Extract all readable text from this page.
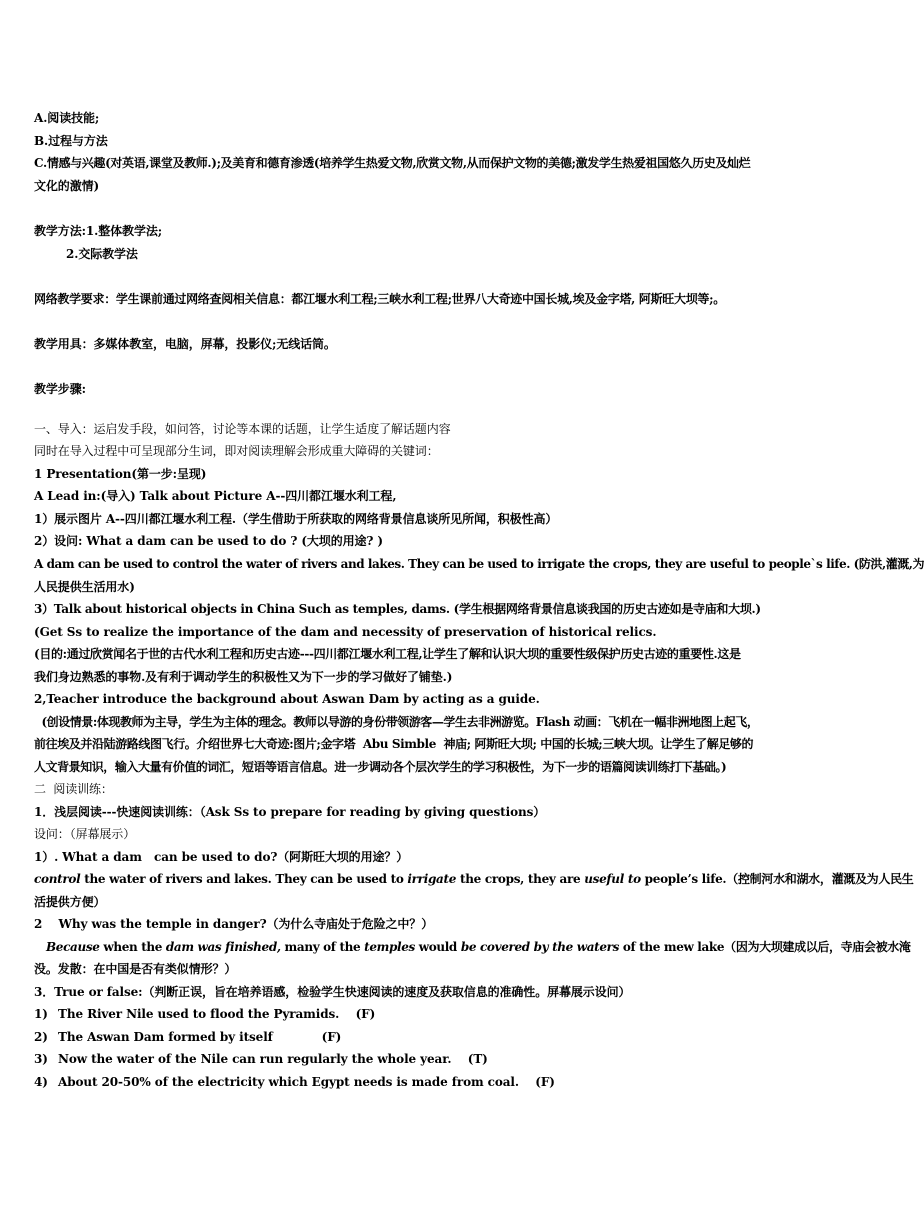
A.阅读技能;
B.过程与方法
C.情感与兴趣(对英语,课堂及教师.);及美育和德育渗透(培养学生热爱文物,欣赏文物,从而保护文物的美德;激发学生热爱祖国悠久历史及灿烂
文化的激情)
教学方法:1.整体教学法;
2.交际教学法
网络教学要求：学生课前通过网络查阅相关信息：都江堰水利工程;三峡水利工程;世界八大奇迹中国长城,埃及金字塔, 阿斯旺大坝等;。
教学用具：多媒体教室，电脑，屏幕，投影仪;无线话筒。
教学步骤:
一、导入：运启发手段，如问答，讨论等本课的话题，让学生适度了解话题内容
同时在导入过程中可呈现部分生词，即对阅读理解会形成重大障碍的关键词：
1 Presentation(第一步:呈现)
A Lead in:(导入) Talk about Picture A--四川都江堰水利工程,
1）展示图片 A--四川都江堰水利工程.（学生借助于所获取的网络背景信息谈所见所闻，积极性高）
2）设问: What a dam can be used to do ? (大坝的用途? )
A dam can be used to control the water of rivers and lakes. They can be used to irrigate the crops, they are useful to people`s life. (防洪,灌溉,为
人民提供生活用水)
3）Talk about historical objects in China Such as temples, dams. (学生根据网络背景信息谈我国的历史古迹如是寺庙和大坝.)
(Get Ss to realize the importance of the dam and necessity of preservation of historical relics.
(目的:通过欣赏闻名于世的古代水利工程和历史古迹---四川都江堰水利工程,让学生了解和认识大坝的重要性级保护历史古迹的重要性.这是
我们身边熟悉的事物.及有利于调动学生的积极性又为下一步的学习做好了铺垫.)
2,Teacher introduce the background about Aswan Dam by acting as a guide.
(创设情景:体现教师为主导，学生为主体的理念。教师以导游的身份带领游客—学生去非洲游览。Flash 动画：飞机在一幅非洲地图上起飞，
前往埃及并沿陆游路线图飞行。介绍世界七大奇迹:图片;金字塔  Abu Simble  神庙; 阿斯旺大坝; 中国的长城;三峡大坝。让学生了解足够的
人文背景知识，输入大量有价值的词汇，短语等语言信息。进一步调动各个层次学生的学习积极性，为下一步的语篇阅读训练打下基础。)
二  阅读训练：
1．浅层阅读---快速阅读训练：（Ask Ss to prepare for reading by giving questions）
设问：（屏幕展示）
1）. What a dam   can be used to do?（阿斯旺大坝的用途？）
control the water of rivers and lakes. They can be used to irrigate the crops, they are useful to people’s life.（控制河水和湖水，灌溉及为人民生
活提供方便）
2    Why was the temple in danger?（为什么寺庙处于危险之中？）
Because when the dam was finished, many of the temples would be covered by the waters of the mew lake（因为大坝建成以后，寺庙会被水淹
没。发散：在中国是否有类似情形？）
3．True or false:（判断正误，旨在培养语感，检验学生快速阅读的速度及获取信息的准确性。屏幕展示设问）
1) The River Nile used to flood the Pyramids.    (F)
2) The Aswan Dam formed by itself            (F)
3) Now the water of the Nile can run regularly the whole year.    (T)
4) About 20-50% of the electricity which Egypt needs is made from coal.    (F)
